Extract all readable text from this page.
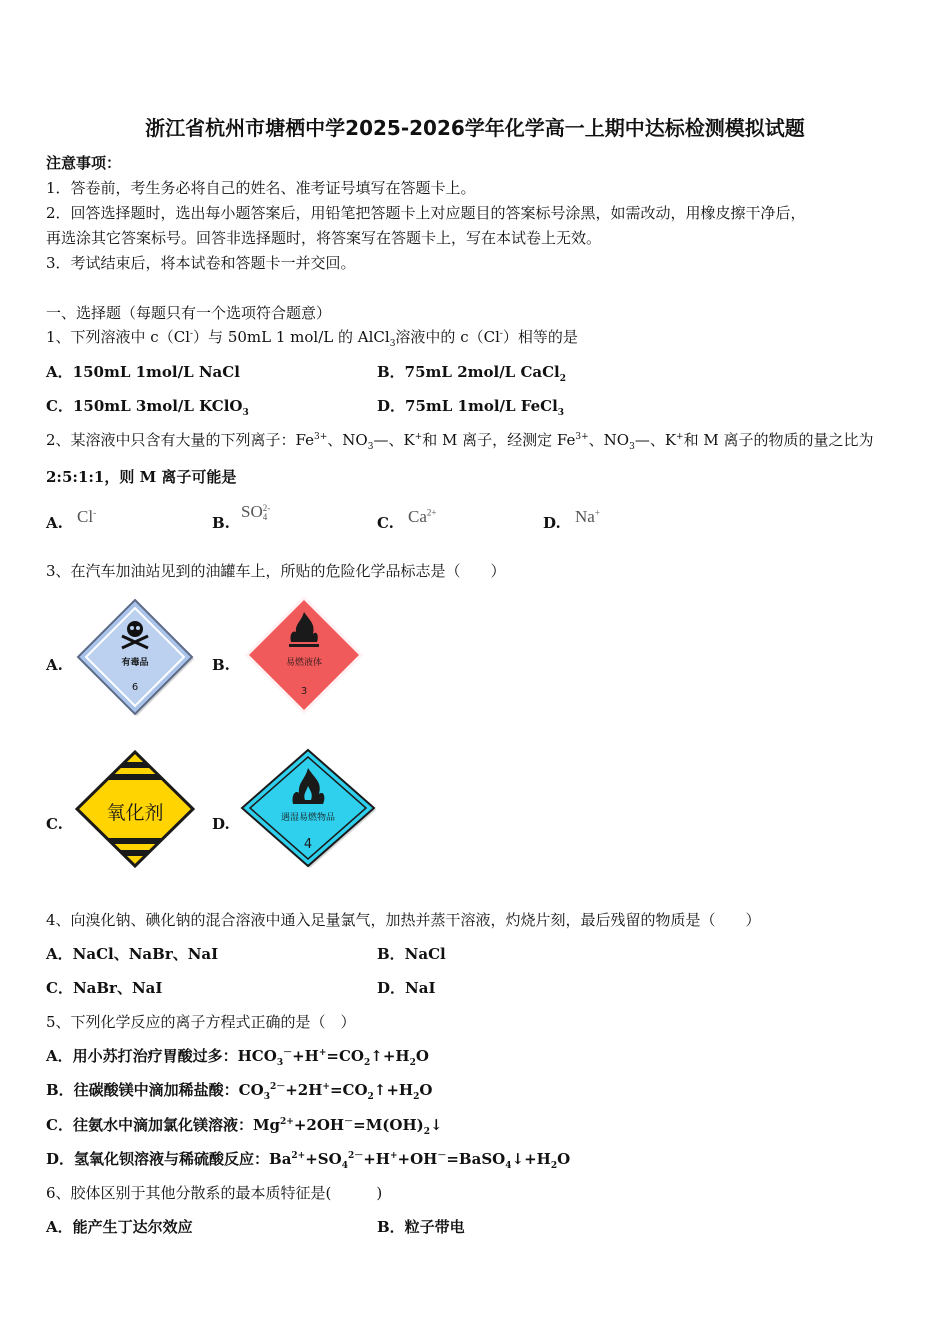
浙江省杭州市塘栖中学2025-2026学年化学高一上期中达标检测模拟试题
注意事项：
1．答卷前，考生务必将自己的姓名、准考证号填写在答题卡上。
2．回答选择题时，选出每小题答案后，用铅笔把答题卡上对应题目的答案标号涂黑，如需改动，用橡皮擦干净后，
再选涂其它答案标号。回答非选择题时，将答案写在答题卡上，写在本试卷上无效。
3．考试结束后，将本试卷和答题卡一并交回。
一、选择题（每题只有一个选项符合题意）
1、下列溶液中 c（Cl-）与 50mL 1 mol/L 的 AlCl$_3$溶液中的 c（Cl-）相等的是
A．150mL 1mol/L NaCl	B．75mL 2mol/L CaCl$_2$
C．150mL 3mol/L KClO$_3$	D．75mL 1mol/L FeCl$_3$
2、某溶液中只含有大量的下列离子：$Fe^{3+}$、$NO_3—$、K+和 M 离子，经测定 $Fe^{3+}$、$NO_3—$、K+和 M 离子的物质的量之比为
2:5:1:1，则 M 离子可能是
A. Cl-
B.
SO 2-
4	C. $Ca^{2+}$
D. Na+
3、在汽车加油站见到的油罐车上，所贴的危险化学品标志是（　　）
A.	有毒品
6
B.	易燃液体
3
C. 氧化剂	D.	遇湿易燃物品
4
4、向溴化钠、碘化钠的混合溶液中通入足量氯气，加热并蒸干溶液，灼烧片刻，最后残留的物质是（　　）
A．NaCl、NaBr、NaI	B．NaCl
C．NaBr、NaI	D．NaI
5、下列化学反应的离子方程式正确的是（　）
A．用小苏打治疗胃酸过多：$HCO_3^-+H^+=CO_2↑+H_2O$
B．往碳酸镁中滴加稀盐酸：$CO_3^{2-}+2H^+=CO_2↑+H_2O$
C．往氨水中滴加氯化镁溶液：$Mg^{2+}+2OH^-=M(OH)_2↓$
D．氢氧化钡溶液与稀硫酸反应：$Ba^{2+}+SO_4^{2-}+H^++OH^-=BaSO_4↓+H_2O$
6、胶体区别于其他分散系的最本质特征是(　　　)
A．能产生丁达尔效应	B．粒子带电
